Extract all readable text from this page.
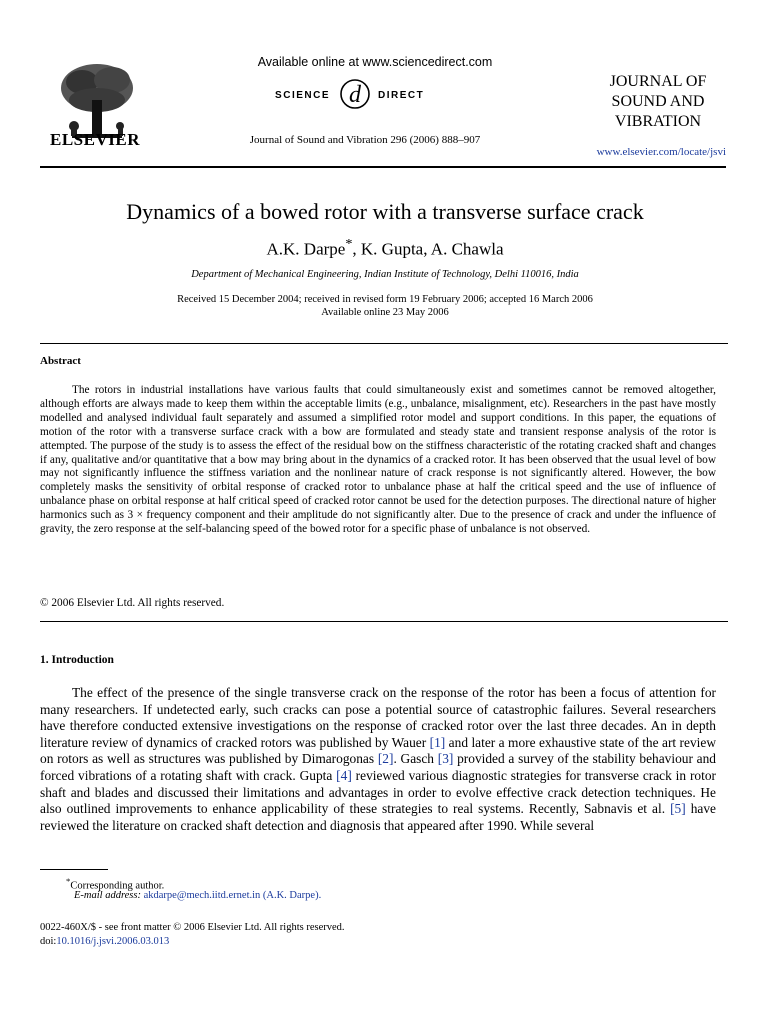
ELSEVIER
Available online at www.sciencedirect.com
SCIENCE d DIRECT
Journal of Sound and Vibration 296 (2006) 888–907
JOURNAL OF
SOUND AND
VIBRATION
www.elsevier.com/locate/jsvi
Dynamics of a bowed rotor with a transverse surface crack
A.K. Darpe*, K. Gupta, A. Chawla
Department of Mechanical Engineering, Indian Institute of Technology, Delhi 110016, India
Received 15 December 2004; received in revised form 19 February 2006; accepted 16 March 2006
Available online 23 May 2006
Abstract
The rotors in industrial installations have various faults that could simultaneously exist and sometimes cannot be removed altogether, although efforts are always made to keep them within the acceptable limits (e.g., unbalance, misalignment, etc). Researchers in the past have mostly modelled and analysed individual fault separately and assumed a simplified rotor model and support conditions. In this paper, the equations of motion of the rotor with a transverse surface crack with a bow are formulated and steady state and transient response analysis of the rotor is attempted. The purpose of the study is to assess the effect of the residual bow on the stiffness characteristic of the rotating cracked shaft and changes if any, qualitative and/or quantitative that a bow may bring about in the dynamics of a cracked rotor. It has been observed that the usual level of bow may not significantly influence the stiffness variation and the nonlinear nature of crack response is not significantly altered. However, the bow completely masks the sensitivity of orbital response of cracked rotor to unbalance phase at half the critical speed and the use of influence of unbalance phase on orbital response at half critical speed of cracked rotor cannot be used for the detection purposes. The directional nature of higher harmonics such as 3 × frequency component and their amplitude do not significantly alter. Due to the presence of crack and under the influence of gravity, the zero response at the self-balancing speed of the bowed rotor for a specific phase of unbalance is not observed.
© 2006 Elsevier Ltd. All rights reserved.
1. Introduction
The effect of the presence of the single transverse crack on the response of the rotor has been a focus of attention for many researchers. If undetected early, such cracks can pose a potential source of catastrophic failures. Several researchers have therefore conducted extensive investigations on the response of cracked rotor over the last three decades. An in depth literature review of dynamics of cracked rotors was published by Wauer [1] and later a more exhaustive state of the art review on rotors as well as structures was published by Dimarogonas [2]. Gasch [3] provided a survey of the stability behaviour and forced vibrations of a rotating shaft with crack. Gupta [4] reviewed various diagnostic strategies for transverse crack in rotor shaft and blades and discussed their limitations and advantages in order to evolve effective crack detection techniques. He also outlined improvements to enhance applicability of these strategies to real systems. Recently, Sabnavis et al. [5] have reviewed the literature on cracked shaft detection and diagnosis that appeared after 1990. While several
*Corresponding author.
E-mail address: akdarpe@mech.iitd.ernet.in (A.K. Darpe).
0022-460X/$ - see front matter © 2006 Elsevier Ltd. All rights reserved.
doi:10.1016/j.jsvi.2006.03.013
